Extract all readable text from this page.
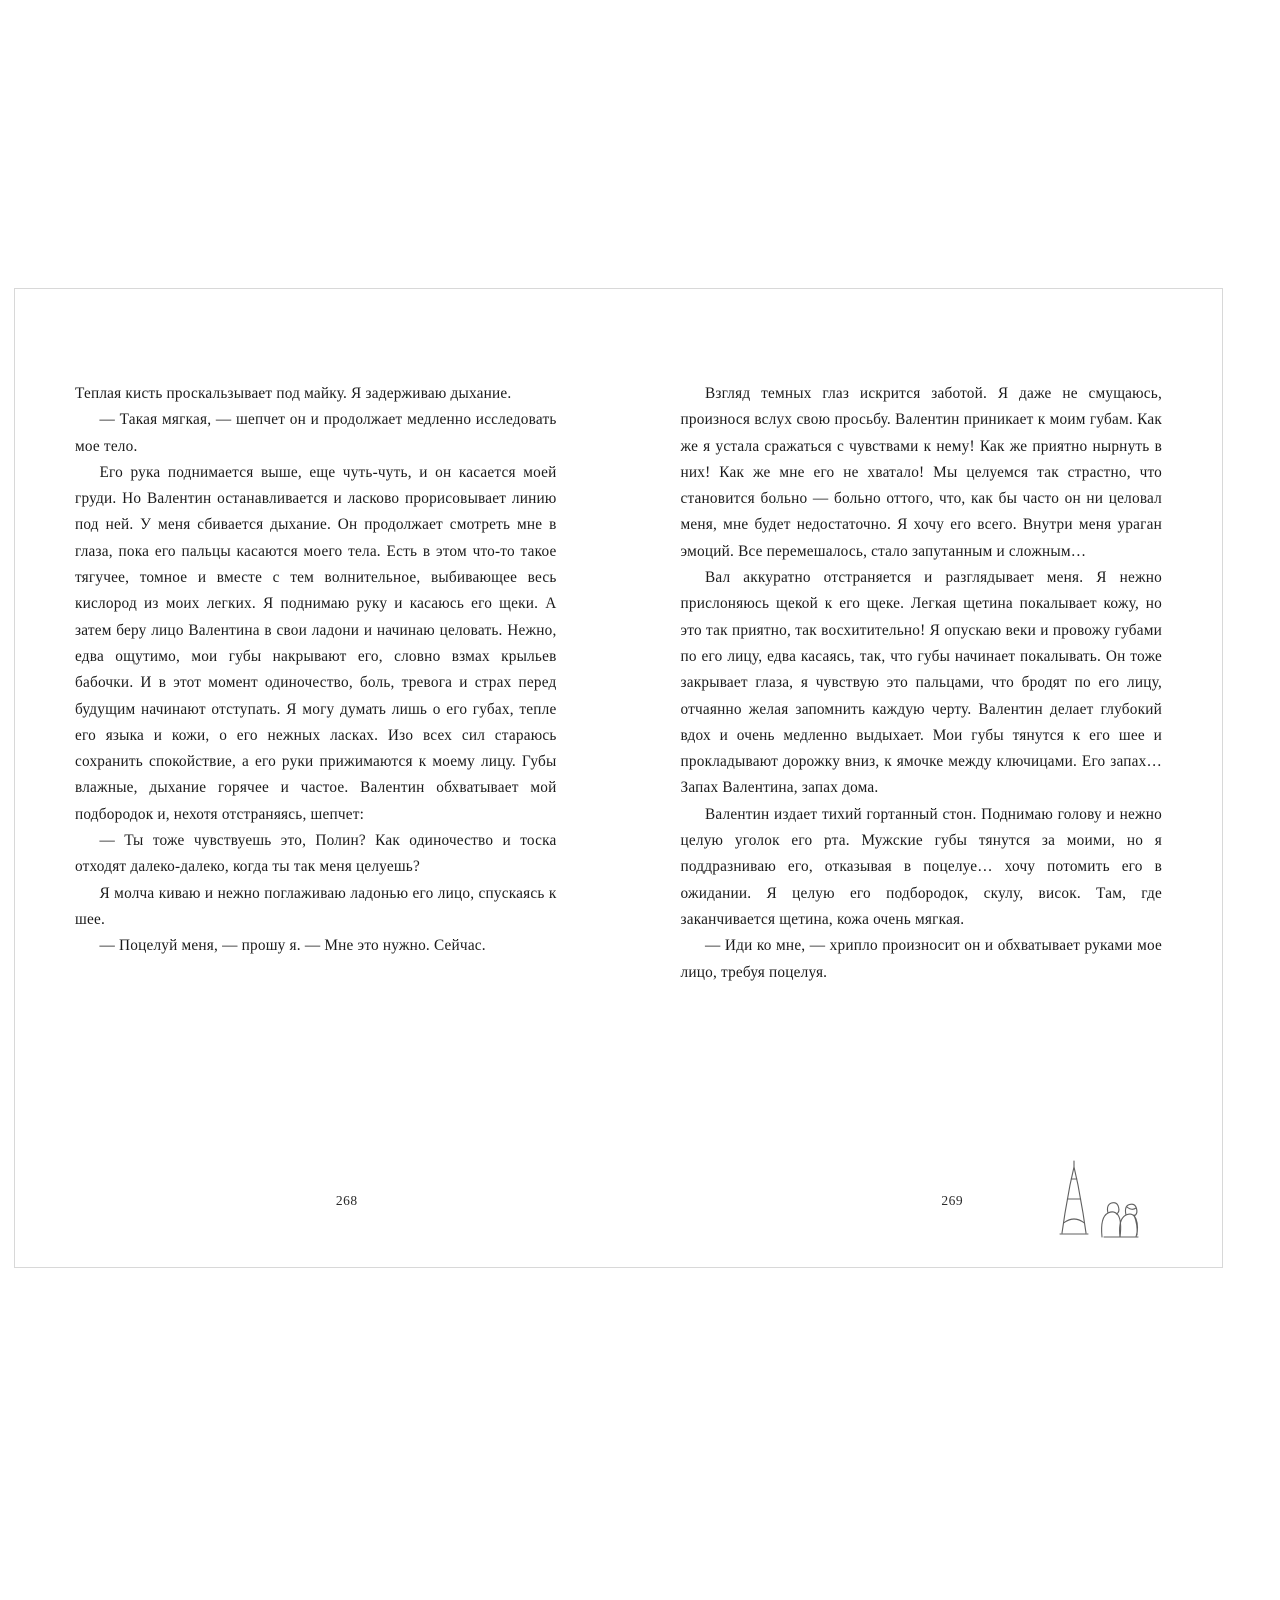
Теплая кисть проскальзывает под майку. Я задерживаю дыхание.

— Такая мягкая, — шепчет он и продолжает медленно исследовать мое тело.

Его рука поднимается выше, еще чуть-чуть, и он касается моей груди. Но Валентин останавливается и ласково прорисовывает линию под ней. У меня сбивается дыхание. Он продолжает смотреть мне в глаза, пока его пальцы касаются моего тела. Есть в этом что-то такое тягучее, томное и вместе с тем волнительное, выбивающее весь кислород из моих легких. Я поднимаю руку и касаюсь его щеки. А затем беру лицо Валентина в свои ладони и начинаю целовать. Нежно, едва ощутимо, мои губы накрывают его, словно взмах крыльев бабочки. И в этот момент одиночество, боль, тревога и страх перед будущим начинают отступать. Я могу думать лишь о его губах, тепле его языка и кожи, о его нежных ласках. Изо всех сил стараюсь сохранить спокойствие, а его руки прижимаются к моему лицу. Губы влажные, дыхание горячее и частое. Валентин обхватывает мой подбородок и, нехотя отстраняясь, шепчет:

— Ты тоже чувствуешь это, Полин? Как одиночество и тоска отходят далеко-далеко, когда ты так меня целуешь?

Я молча киваю и нежно поглаживаю ладонью его лицо, спускаясь к шее.

— Поцелуй меня, — прошу я. — Мне это нужно. Сейчас.

268

Взгляд темных глаз искрится заботой. Я даже не смущаюсь, произнося вслух свою просьбу. Валентин приникает к моим губам. Как же я устала сражаться с чувствами к нему! Как же приятно нырнуть в них! Как же мне его не хватало! Мы целуемся так страстно, что становится больно — больно оттого, что, как бы часто он ни целовал меня, мне будет недостаточно. Я хочу его всего. Внутри меня ураган эмоций. Все перемешалось, стало запутанным и сложным…

Вал аккуратно отстраняется и разглядывает меня. Я нежно прислоняюсь щекой к его щеке. Легкая щетина покалывает кожу, но это так приятно, так восхитительно! Я опускаю веки и провожу губами по его лицу, едва касаясь, так, что губы начинает покалывать. Он тоже закрывает глаза, я чувствую это пальцами, что бродят по его лицу, отчаянно желая запомнить каждую черту. Валентин делает глубокий вдох и очень медленно выдыхает. Мои губы тянутся к его шее и прокладывают дорожку вниз, к ямочке между ключицами. Его запах… Запах Валентина, запах дома.

Валентин издает тихий гортанный стон. Поднимаю голову и нежно целую уголок его рта. Мужские губы тянутся за моими, но я поддразниваю его, отказывая в поцелуе… хочу потомить его в ожидании. Я целую его подбородок, скулу, висок. Там, где заканчивается щетина, кожа очень мягкая.

— Иди ко мне, — хрипло произносит он и обхватывает руками мое лицо, требуя поцелуя.

269
